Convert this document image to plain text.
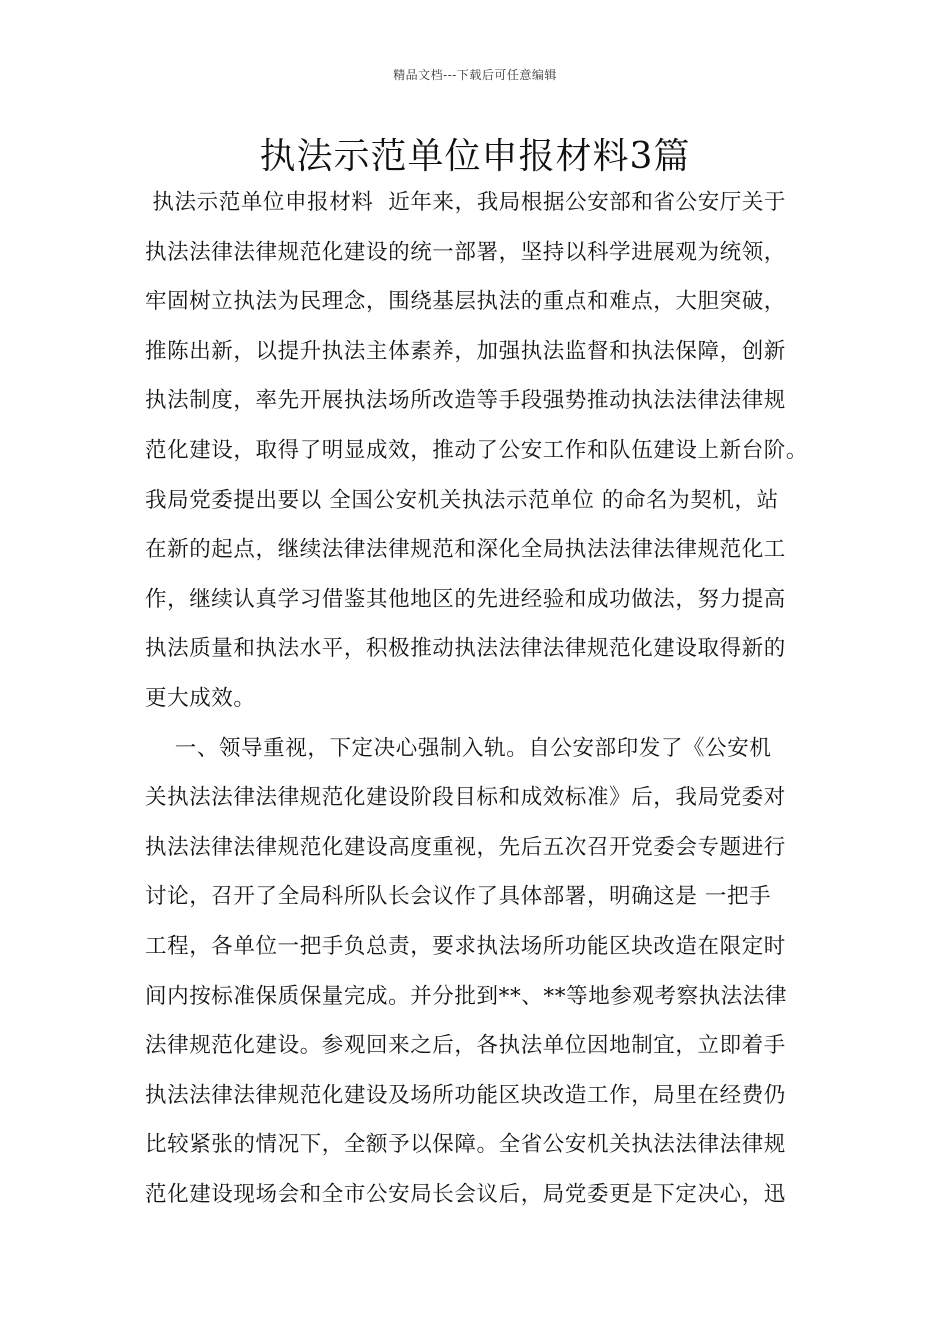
精品文档---下载后可任意编辑
执法示范单位申报材料3篇
执法示范单位申报材料  近年来，我局根据公安部和省公安厅关于
执法法律法律规范化建设的统一部署，坚持以科学进展观为统领，
牢固树立执法为民理念，围绕基层执法的重点和难点，大胆突破，
推陈出新，以提升执法主体素养，加强执法监督和执法保障，创新
执法制度，率先开展执法场所改造等手段强势推动执法法律法律规
范化建设，取得了明显成效，推动了公安工作和队伍建设上新台阶。
我局党委提出要以 全国公安机关执法示范单位 的命名为契机，站
在新的起点，继续法律法律规范和深化全局执法法律法律规范化工
作，继续认真学习借鉴其他地区的先进经验和成功做法，努力提高
执法质量和执法水平，积极推动执法法律法律规范化建设取得新的
更大成效。
一、领导重视，下定决心强制入轨。自公安部印发了《公安机
关执法法律法律规范化建设阶段目标和成效标准》后，我局党委对
执法法律法律规范化建设高度重视，先后五次召开党委会专题进行
讨论，召开了全局科所队长会议作了具体部署，明确这是 一把手
工程，各单位一把手负总责，要求执法场所功能区块改造在限定时
间内按标准保质保量完成。并分批到**、**等地参观考察执法法律
法律规范化建设。参观回来之后，各执法单位因地制宜，立即着手
执法法律法律规范化建设及场所功能区块改造工作，局里在经费仍
比较紧张的情况下，全额予以保障。全省公安机关执法法律法律规
范化建设现场会和全市公安局长会议后，局党委更是下定决心，迅
